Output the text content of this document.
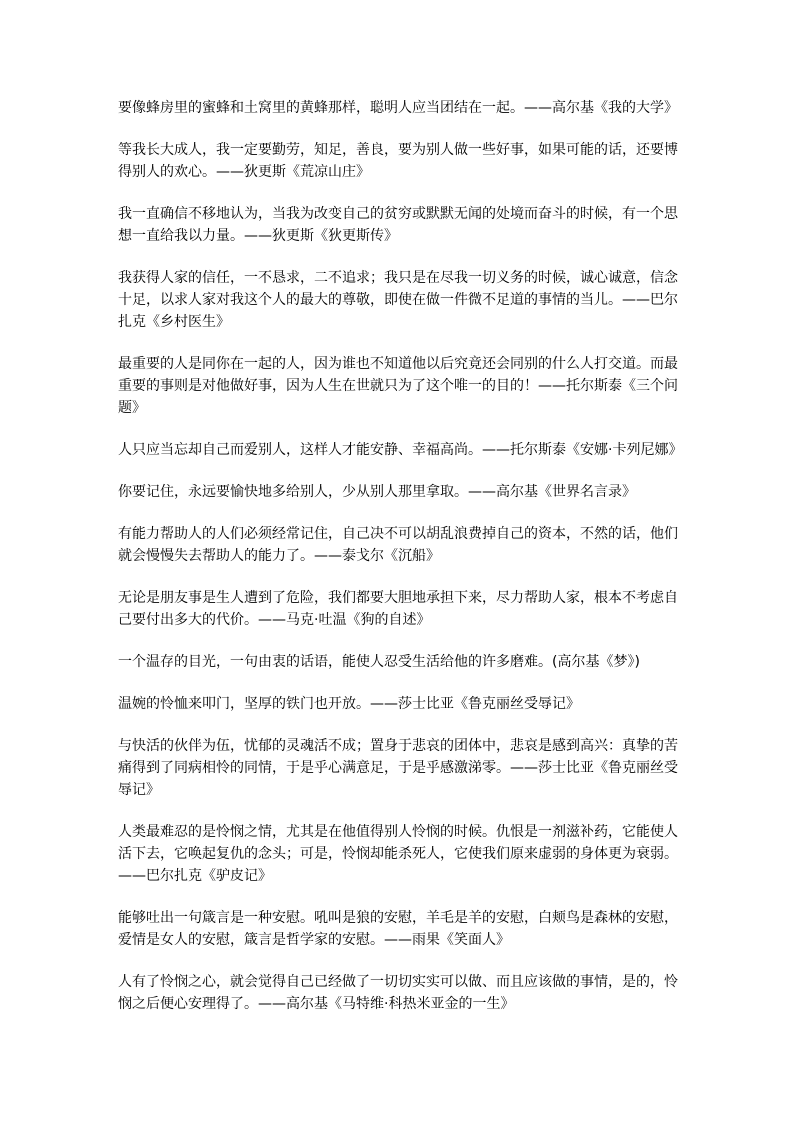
要像蜂房里的蜜蜂和土窝里的黄蜂那样，聪明人应当团结在一起。——高尔基《我的大学》

等我长大成人，我一定要勤劳，知足，善良，要为别人做一些好事，如果可能的话，还要博得别人的欢心。——狄更斯《荒凉山庄》

我一直确信不移地认为，当我为改变自己的贫穷或默默无闻的处境而奋斗的时候，有一个思想一直给我以力量。——狄更斯《狄更斯传》

我获得人家的信任，一不恳求，二不追求；我只是在尽我一切义务的时候，诚心诚意，信念十足，以求人家对我这个人的最大的尊敬，即使在做一件微不足道的事情的当儿。——巴尔扎克《乡村医生》

最重要的人是同你在一起的人，因为谁也不知道他以后究竟还会同别的什么人打交道。而最重要的事则是对他做好事，因为人生在世就只为了这个唯一的目的！——托尔斯泰《三个问题》

人只应当忘却自己而爱别人，这样人才能安静、幸福高尚。——托尔斯泰《安娜·卡列尼娜》

你要记住，永远要愉快地多给别人，少从别人那里拿取。——高尔基《世界名言录》

有能力帮助人的人们必须经常记住，自己决不可以胡乱浪费掉自己的资本，不然的话，他们就会慢慢失去帮助人的能力了。——泰戈尔《沉船》

无论是朋友事是生人遭到了危险，我们都要大胆地承担下来，尽力帮助人家，根本不考虑自己要付出多大的代价。——马克·吐温《狗的自述》

一个温存的目光，一句由衷的话语，能使人忍受生活给他的许多磨难。(高尔基《梦》)

温婉的怜恤来叩门，坚厚的铁门也开放。——莎士比亚《鲁克丽丝受辱记》

与快活的伙伴为伍，忧郁的灵魂活不成；置身于悲哀的团体中，悲哀是感到高兴：真挚的苦痛得到了同病相怜的同情，于是乎心满意足，于是乎感激涕零。——莎士比亚《鲁克丽丝受辱记》

人类最难忍的是怜悯之情，尤其是在他值得别人怜悯的时候。仇恨是一剂滋补药，它能使人活下去，它唤起复仇的念头；可是，怜悯却能杀死人，它使我们原来虚弱的身体更为衰弱。——巴尔扎克《驴皮记》

能够吐出一句箴言是一种安慰。吼叫是狼的安慰，羊毛是羊的安慰，白颊鸟是森林的安慰，爱情是女人的安慰，箴言是哲学家的安慰。——雨果《笑面人》

人有了怜悯之心，就会觉得自己已经做了一切切实实可以做、而且应该做的事情，是的，怜悯之后便心安理得了。——高尔基《马特维·科热米亚金的一生》
